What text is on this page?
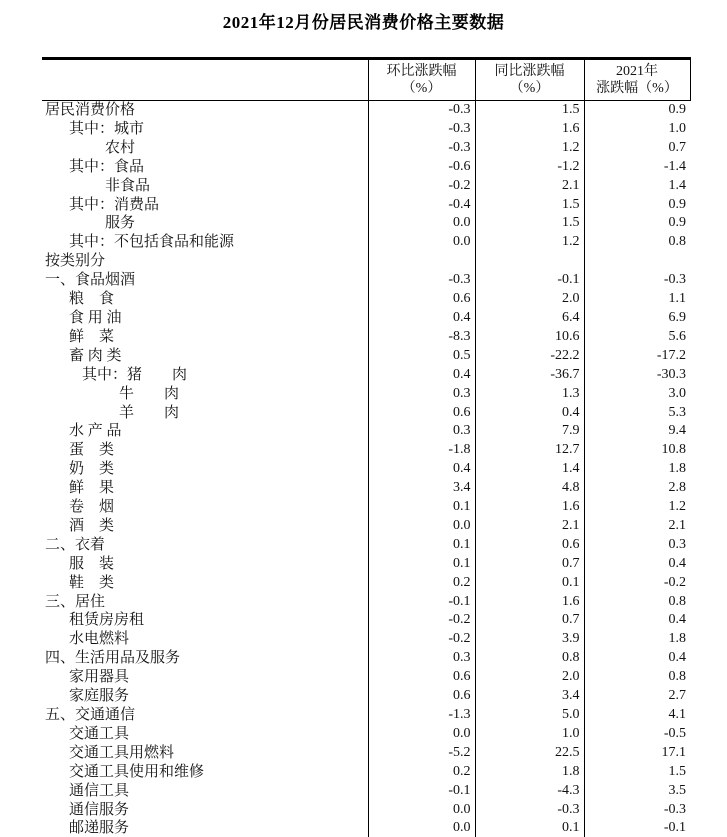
2021年12月份居民消费价格主要数据

环比涨跌幅
（%）

同比涨跌幅
（%）

2021年
涨跌幅（%）

居民消费价格	-0.3	1.5	0.9
其中：城市	-0.3	1.6	1.0
农村	-0.3	1.2	0.7
其中：食品	-0.6	-1.2	-1.4
非食品	-0.2	2.1	1.4
其中：消费品	-0.4	1.5	0.9
服务	0.0	1.5	0.9
其中：不包括食品和能源	0.0	1.2	0.8
按类别分			
一、食品烟酒	-0.3	-0.1	-0.3
粮　食	0.6	2.0	1.1
食 用 油	0.4	6.4	6.9
鲜　菜	-8.3	10.6	5.6
畜 肉 类	0.5	-22.2	-17.2
其中：猪　　肉	0.4	-36.7	-30.3
牛　　肉	0.3	1.3	3.0
羊　　肉	0.6	0.4	5.3
水 产 品	0.3	7.9	9.4
蛋　类	-1.8	12.7	10.8
奶　类	0.4	1.4	1.8
鲜　果	3.4	4.8	2.8
卷　烟	0.1	1.6	1.2
酒　类	0.0	2.1	2.1
二、衣着	0.1	0.6	0.3
服　装	0.1	0.7	0.4
鞋　类	0.2	0.1	-0.2
三、居住	-0.1	1.6	0.8
租赁房房租	-0.2	0.7	0.4
水电燃料	-0.2	3.9	1.8
四、生活用品及服务	0.3	0.8	0.4
家用器具	0.6	2.0	0.8
家庭服务	0.6	3.4	2.7
五、交通通信	-1.3	5.0	4.1
交通工具	0.0	1.0	-0.5
交通工具用燃料	-5.2	22.5	17.1
交通工具使用和维修	0.2	1.8	1.5
通信工具	-0.1	-4.3	3.5
通信服务	0.0	-0.3	-0.3
邮递服务	0.0	0.1	-0.1
